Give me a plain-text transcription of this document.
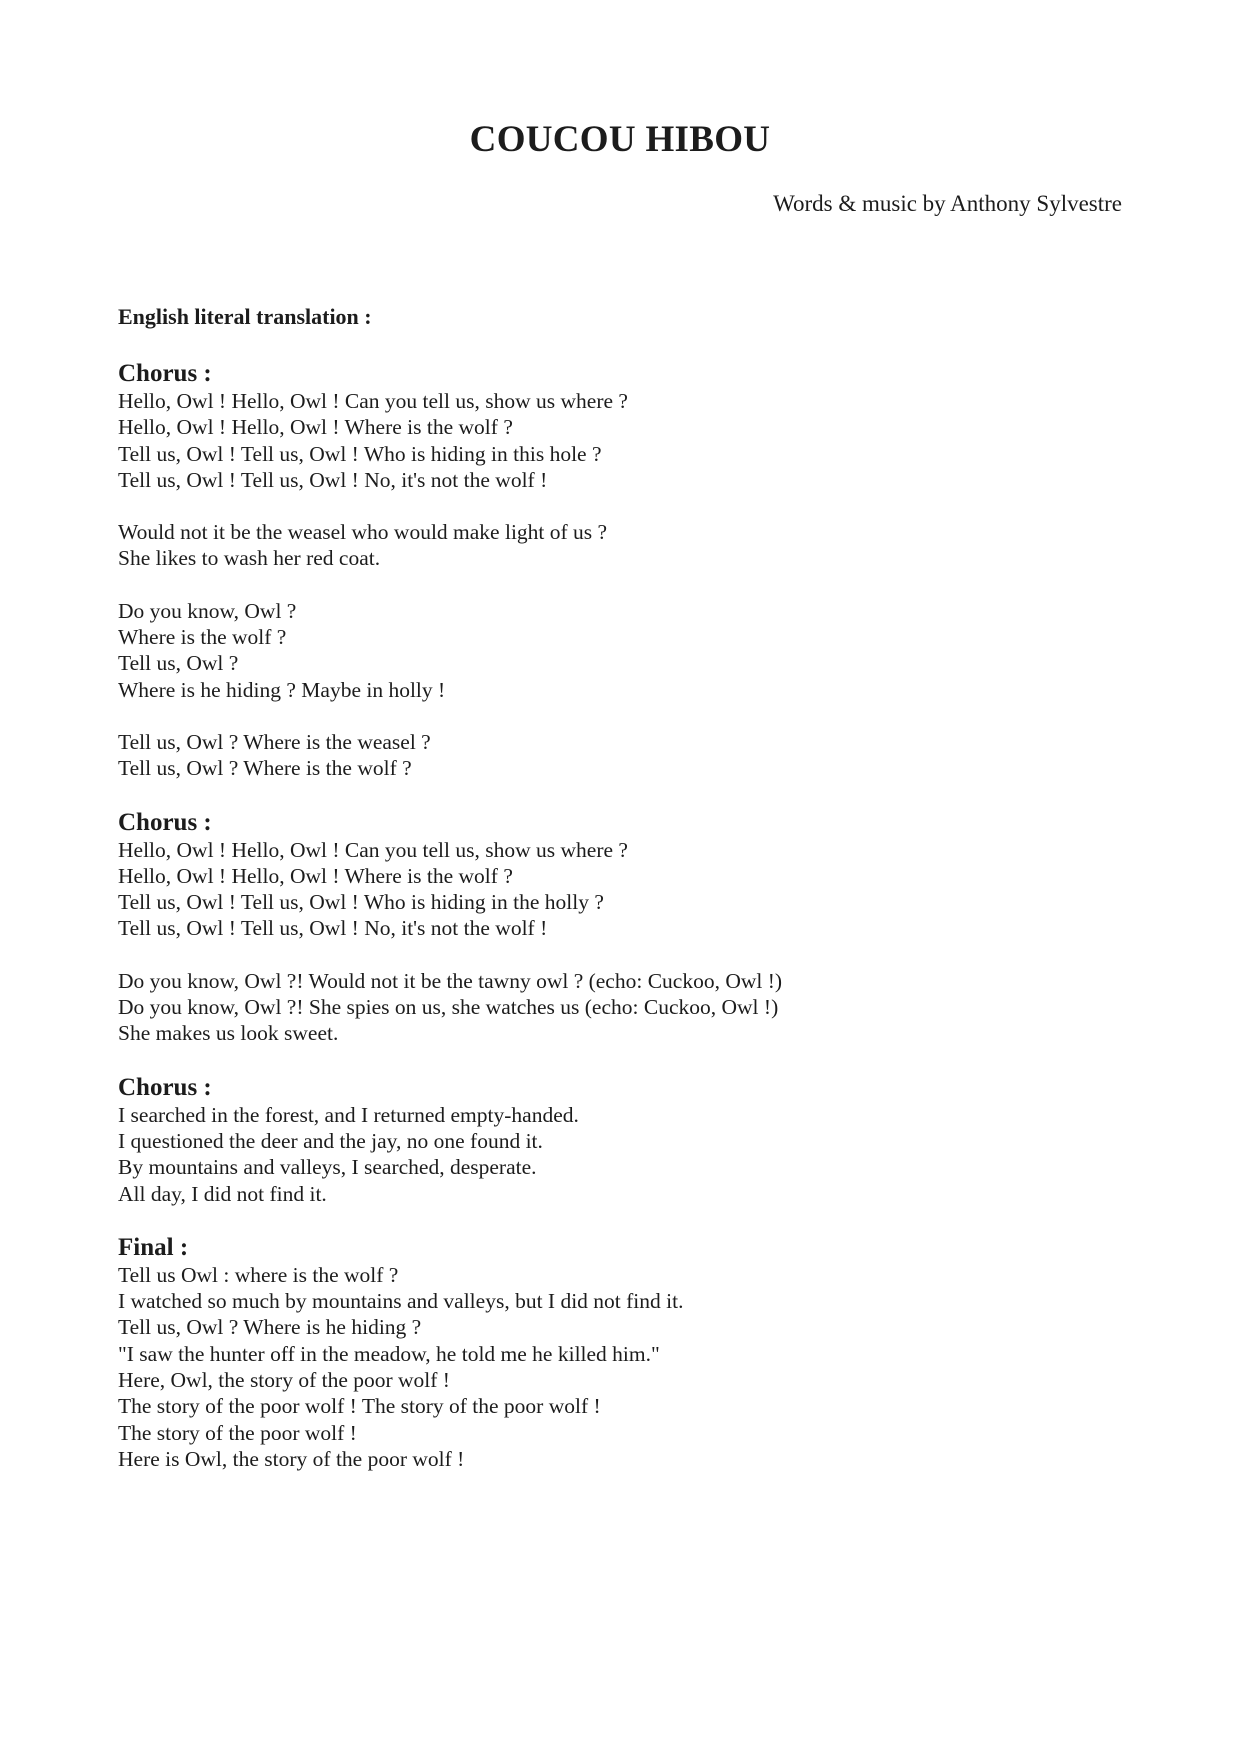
COUCOU HIBOU

Words & music by Anthony Sylvestre

English literal translation :

Chorus :

Hello, Owl ! Hello, Owl ! Can you tell us, show us where ?

Hello, Owl ! Hello, Owl ! Where is the wolf ?

Tell us, Owl ! Tell us, Owl ! Who is hiding in this hole ?

Tell us, Owl ! Tell us, Owl ! No, it's not the wolf !

Would not it be the weasel who would make light of us ?

She likes to wash her red coat.

Do you know, Owl ?

Where is the wolf ?

Tell us, Owl ?

Where is he hiding ? Maybe in holly !

Tell us, Owl ? Where is the weasel ?

Tell us, Owl ? Where is the wolf ?

Chorus :

Hello, Owl ! Hello, Owl ! Can you tell us, show us where ?

Hello, Owl ! Hello, Owl ! Where is the wolf ?

Tell us, Owl ! Tell us, Owl ! Who is hiding in the holly ?

Tell us, Owl ! Tell us, Owl ! No, it's not the wolf !

Do you know, Owl ?! Would not it be the tawny owl ? (echo: Cuckoo, Owl !)

Do you know, Owl ?! She spies on us, she watches us (echo: Cuckoo, Owl !)

She makes us look sweet.

Chorus :

I searched in the forest, and I returned empty-handed.

I questioned the deer and the jay, no one found it.

By mountains and valleys, I searched, desperate.

All day, I did not find it.

Final :

Tell us Owl : where is the wolf ?

I watched so much by mountains and valleys, but I did not find it.

Tell us, Owl ? Where is he hiding ?

"I saw the hunter off in the meadow, he told me he killed him."

Here, Owl, the story of the poor wolf !

The story of the poor wolf ! The story of the poor wolf !

The story of the poor wolf !

Here is Owl, the story of the poor wolf !
